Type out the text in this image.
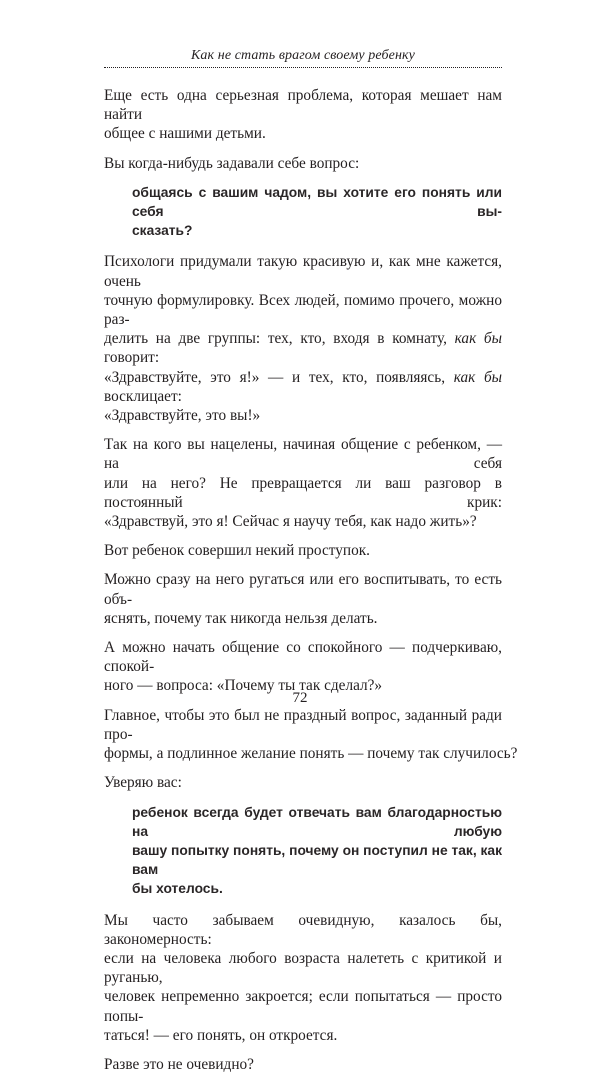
Как не стать врагом своему ребенку

Еще есть одна серьезная проблема, которая мешает нам найти
общее с нашими детьми.

Вы когда-нибудь задавали себе вопрос:

общаясь с вашим чадом, вы хотите его понять или себя вы-
сказать?

Психологи придумали такую красивую и, как мне кажется, очень
точную формулировку. Всех людей, помимо прочего, можно раз-
делить на две группы: тех, кто, входя в комнату, как бы говорит:
«Здравствуйте, это я!» — и тех, кто, появляясь, как бы восклицает:
«Здравствуйте, это вы!»

Так на кого вы нацелены, начиная общение с ребенком, — на себя
или на него? Не превращается ли ваш разговор в постоянный крик:
«Здравствуй, это я! Сейчас я научу тебя, как надо жить»?

Вот ребенок совершил некий проступок.

Можно сразу на него ругаться или его воспитывать, то есть объ-
яснять, почему так никогда нельзя делать.

А можно начать общение со спокойного — подчеркиваю, спокой-
ного — вопроса: «Почему ты так сделал?»

Главное, чтобы это был не праздный вопрос, заданный ради про-
формы, а подлинное желание понять — почему так случилось?

Уверяю вас:

ребенок всегда будет отвечать вам благодарностью на любую
вашу попытку понять, почему он поступил не так, как вам
бы хотелось.

Мы часто забываем очевидную, казалось бы, закономерность:
если на человека любого возраста налететь с критикой и руганью,
человек непременно закроется; если попытаться — просто попы-
таться! — его понять, он откроется.

Разве это не очевидно?

72
